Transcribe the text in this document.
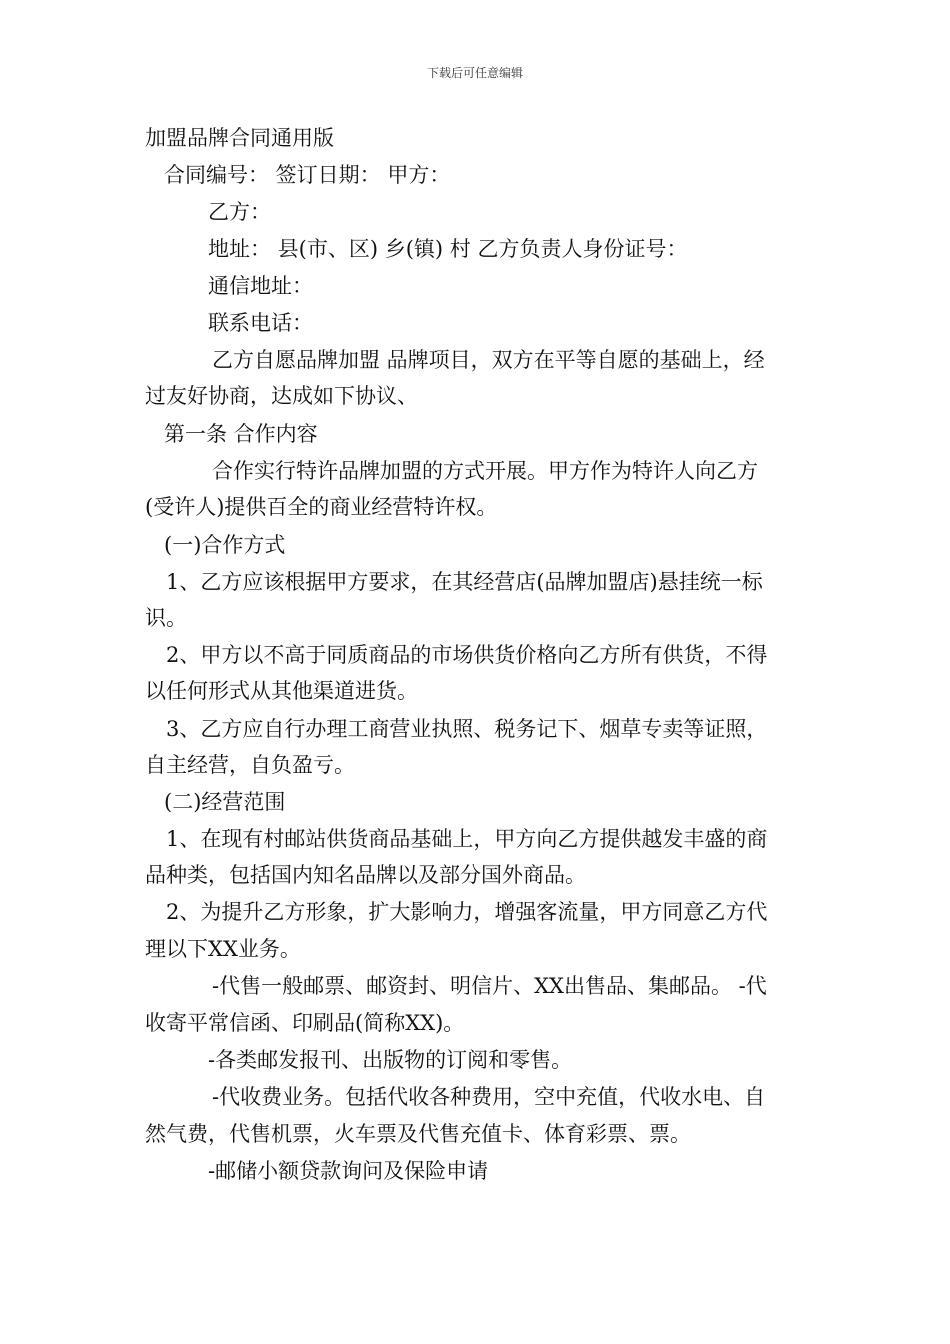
下载后可任意编辑
加盟品牌合同通用版
合同编号： 签订日期： 甲方：
乙方：
地址： 县(市、区) 乡(镇) 村 乙方负责人身份证号：
通信地址：
联系电话：
乙方自愿品牌加盟 品牌项目，双方在平等自愿的基础上，经
过友好协商，达成如下协议、
第一条 合作内容
合作实行特许品牌加盟的方式开展。甲方作为特许人向乙方
(受许人)提供百全的商业经营特许权。
(一)合作方式
1、乙方应该根据甲方要求，在其经营店(品牌加盟店)悬挂统一标
识。
2、甲方以不高于同质商品的市场供货价格向乙方所有供货，不得
以任何形式从其他渠道进货。
3、乙方应自行办理工商营业执照、税务记下、烟草专卖等证照，
自主经营，自负盈亏。
(二)经营范围
1、在现有村邮站供货商品基础上，甲方向乙方提供越发丰盛的商
品种类，包括国内知名品牌以及部分国外商品。
2、为提升乙方形象，扩大影响力，增强客流量，甲方同意乙方代
理以下XX业务。
-代售一般邮票、邮资封、明信片、XX出售品、集邮品。 -代
收寄平常信函、印刷品(简称XX)。
-各类邮发报刊、出版物的订阅和零售。
-代收费业务。包括代收各种费用，空中充值，代收水电、自
然气费，代售机票，火车票及代售充值卡、体育彩票、票。
-邮储小额贷款询问及保险申请
